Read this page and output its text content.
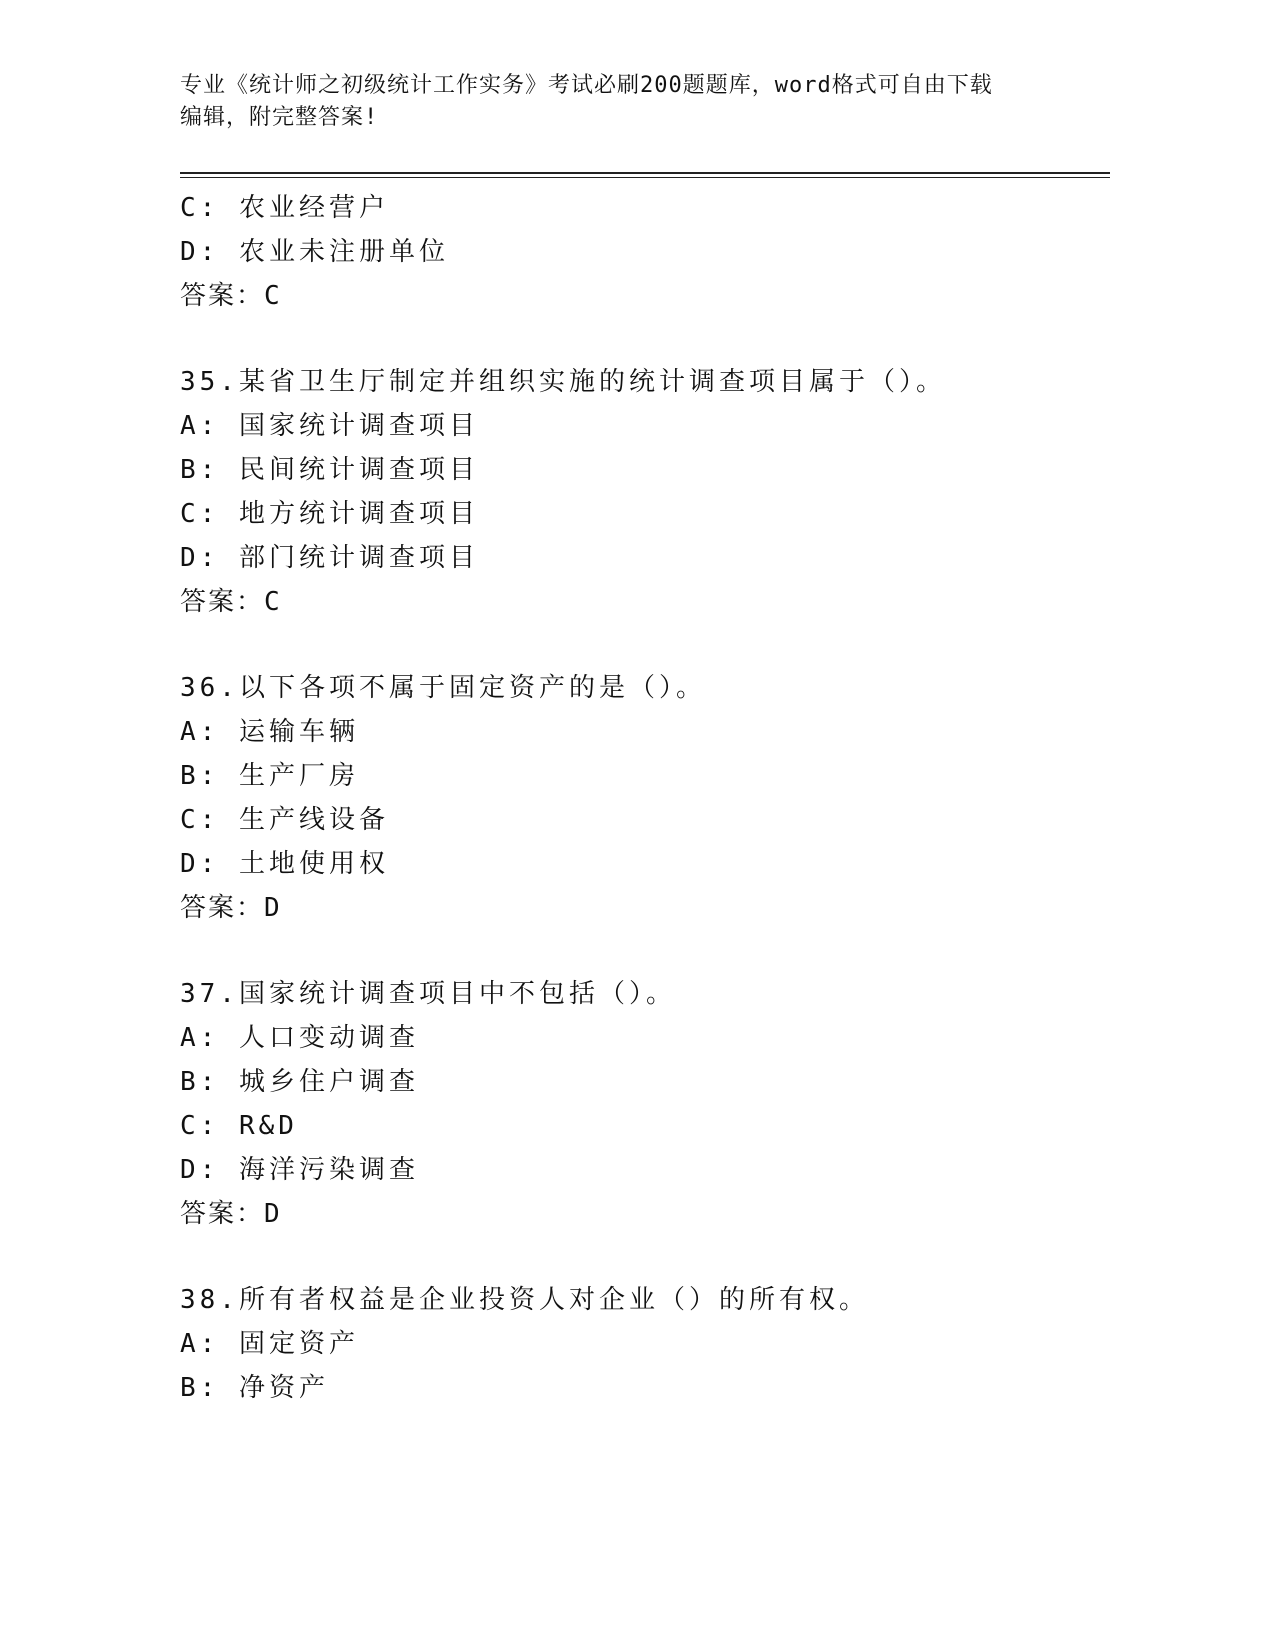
专业《统计师之初级统计工作实务》考试必刷200题题库，word格式可自由下载
编辑，附完整答案!
C: 农业经营户
D: 农业未注册单位
答案：C
35.某省卫生厅制定并组织实施的统计调查项目属于（）。
A: 国家统计调查项目
B: 民间统计调查项目
C: 地方统计调查项目
D: 部门统计调查项目
答案：C
36.以下各项不属于固定资产的是（）。
A: 运输车辆
B: 生产厂房
C: 生产线设备
D: 土地使用权
答案：D
37.国家统计调查项目中不包括（）。
A: 人口变动调查
B: 城乡住户调查
C: R&D
D: 海洋污染调查
答案：D
38.所有者权益是企业投资人对企业（）的所有权。
A: 固定资产
B: 净资产
